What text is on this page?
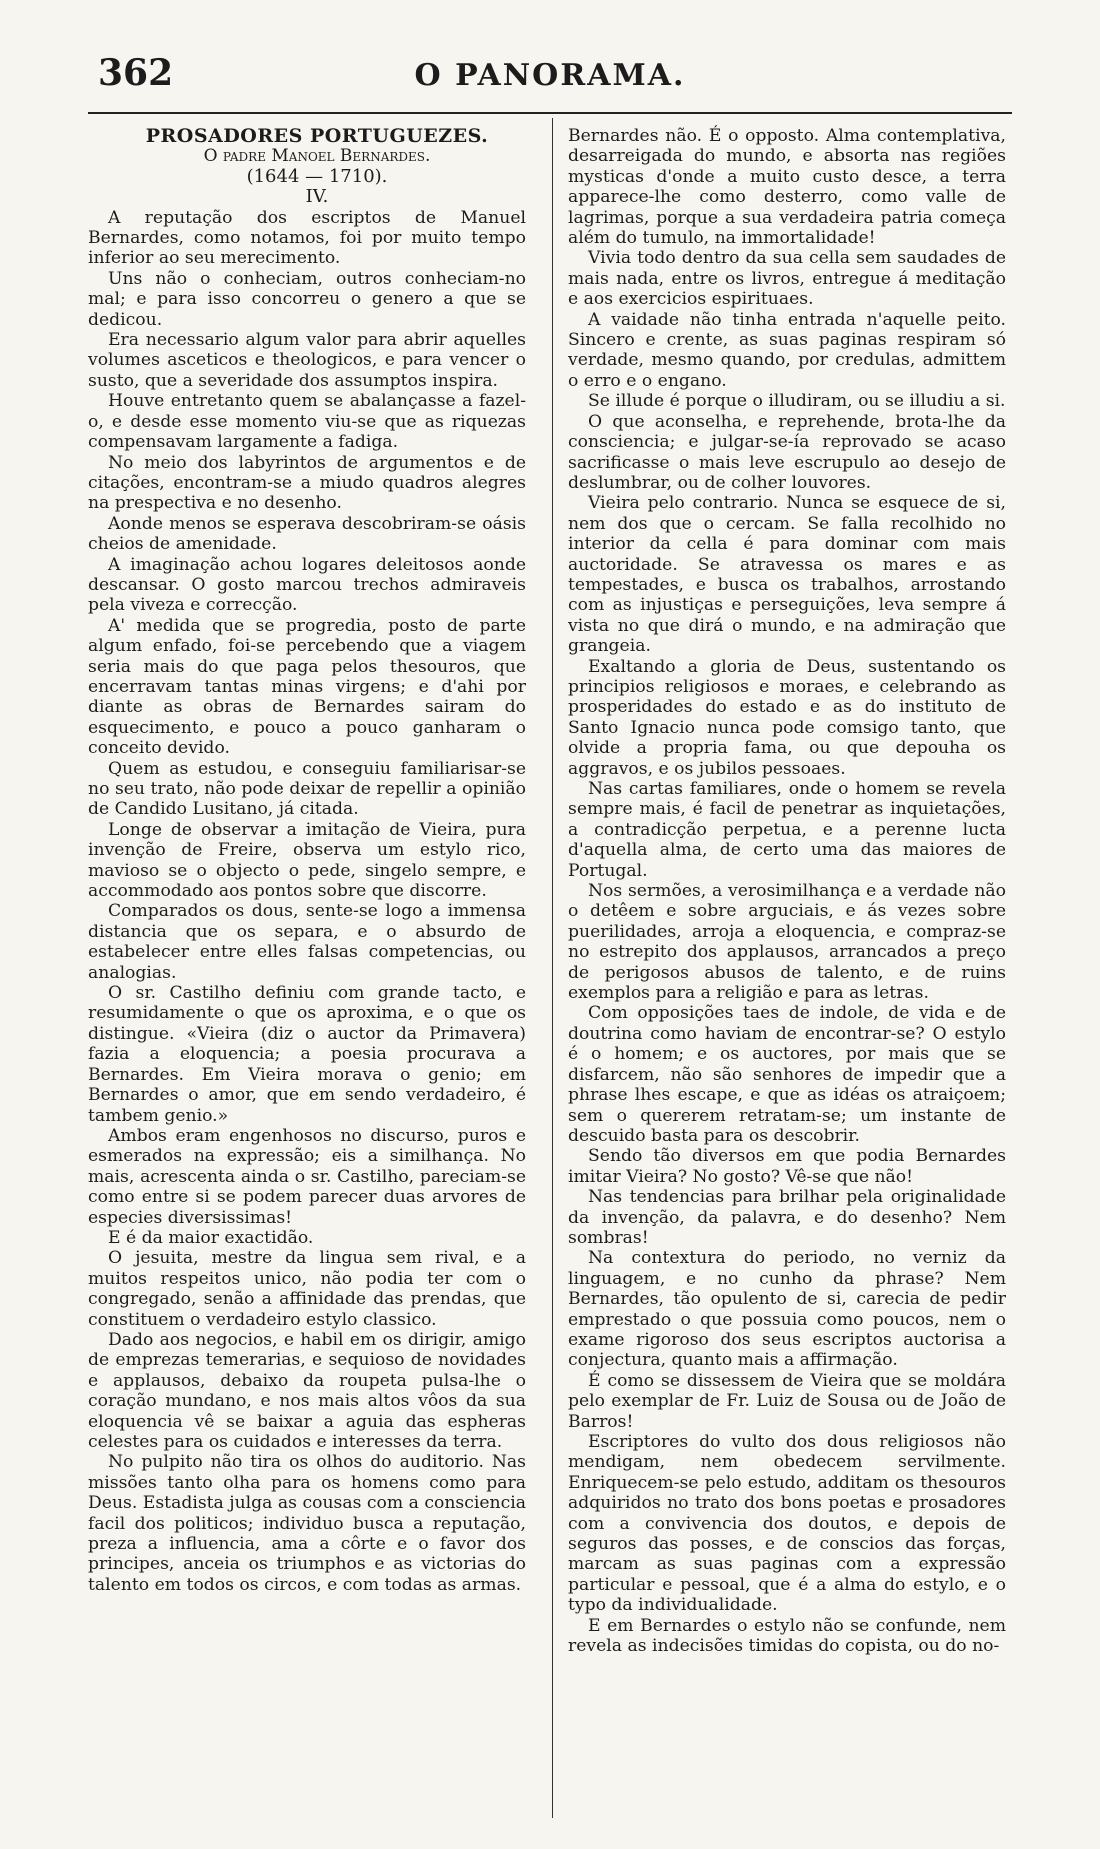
362	O PANORAMA.

PROSADORES PORTUGUEZES.

O padre Manoel Bernardes.

(1644 — 1710).

IV.

A reputação dos escriptos de Manuel Bernardes, como notamos, foi por muito tempo inferior ao seu merecimento.

Uns não o conheciam, outros conheciam-no mal; e para isso concorreu o genero a que se dedicou.

Era necessario algum valor para abrir aquelles volumes asceticos e theologicos, e para vencer o susto, que a severidade dos assumptos inspira.

Houve entretanto quem se abalançasse a fazel-o, e desde esse momento viu-se que as riquezas compensavam largamente a fadiga.

No meio dos labyrintos de argumentos e de citações, encontram-se a miudo quadros alegres na prespectiva e no desenho.

Aonde menos se esperava descobriram-se oásis cheios de amenidade.

A imaginação achou logares deleitosos aonde descansar. O gosto marcou trechos admiraveis pela viveza e correcção.

A' medida que se progredia, posto de parte algum enfado, foi-se percebendo que a viagem seria mais do que paga pelos thesouros, que encerravam tantas minas virgens; e d'ahi por diante as obras de Bernardes sairam do esquecimento, e pouco a pouco ganharam o conceito devido.

Quem as estudou, e conseguiu familiarisar-se no seu trato, não pode deixar de repellir a opinião de Candido Lusitano, já citada.

Longe de observar a imitação de Vieira, pura invenção de Freire, observa um estylo rico, mavioso se o objecto o pede, singelo sempre, e accommodado aos pontos sobre que discorre.

Comparados os dous, sente-se logo a immensa distancia que os separa, e o absurdo de estabelecer entre elles falsas competencias, ou analogias.

O sr. Castilho definiu com grande tacto, e resumidamente o que os aproxima, e o que os distingue. «Vieira (diz o auctor da Primavera) fazia a eloquencia; a poesia procurava a Bernardes. Em Vieira morava o genio; em Bernardes o amor, que em sendo verdadeiro, é tambem genio.»

Ambos eram engenhosos no discurso, puros e esmerados na expressão; eis a similhança. No mais, acrescenta ainda o sr. Castilho, pareciam-se como entre si se podem parecer duas arvores de especies diversissimas!

E é da maior exactidão.

O jesuita, mestre da lingua sem rival, e a muitos respeitos unico, não podia ter com o congregado, senão a affinidade das prendas, que constituem o verdadeiro estylo classico.

Dado aos negocios, e habil em os dirigir, amigo de emprezas temerarias, e sequioso de novidades e applausos, debaixo da roupeta pulsa-lhe o coração mundano, e nos mais altos vôos da sua eloquencia vê se baixar a aguia das espheras celestes para os cuidados e interesses da terra.

No pulpito não tira os olhos do auditorio. Nas missões tanto olha para os homens como para Deus. Estadista julga as cousas com a consciencia facil dos politicos; individuo busca a reputação, preza a influencia, ama a côrte e o favor dos principes, anceia os triumphos e as victorias do talento em todos os circos, e com todas as armas.

Bernardes não. É o opposto. Alma contemplativa, desarreigada do mundo, e absorta nas regiões mysticas d'onde a muito custo desce, a terra apparece-lhe como desterro, como valle de lagrimas, porque a sua verdadeira patria começa além do tumulo, na immortalidade!

Vivia todo dentro da sua cella sem saudades de mais nada, entre os livros, entregue á meditação e aos exercicios espirituaes.

A vaidade não tinha entrada n'aquelle peito. Sincero e crente, as suas paginas respiram só verdade, mesmo quando, por credulas, admittem o erro e o engano.

Se illude é porque o illudiram, ou se illudiu a si.

O que aconselha, e reprehende, brota-lhe da consciencia; e julgar-se-ía reprovado se acaso sacrificasse o mais leve escrupulo ao desejo de deslumbrar, ou de colher louvores.

Vieira pelo contrario. Nunca se esquece de si, nem dos que o cercam. Se falla recolhido no interior da cella é para dominar com mais auctoridade. Se atravessa os mares e as tempestades, e busca os trabalhos, arrostando com as injustiças e perseguições, leva sempre á vista no que dirá o mundo, e na admiração que grangeia.

Exaltando a gloria de Deus, sustentando os principios religiosos e moraes, e celebrando as prosperidades do estado e as do instituto de Santo Ignacio nunca pode comsigo tanto, que olvide a propria fama, ou que depouha os aggravos, e os jubilos pessoaes.

Nas cartas familiares, onde o homem se revela sempre mais, é facil de penetrar as inquietações, a contradicção perpetua, e a perenne lucta d'aquella alma, de certo uma das maiores de Portugal.

Nos sermões, a verosimilhança e a verdade não o detêem e sobre arguciais, e ás vezes sobre puerilidades, arroja a eloquencia, e compraz-se no estrepito dos applausos, arrancados a preço de perigosos abusos de talento, e de ruins exemplos para a religião e para as letras.

Com opposições taes de indole, de vida e de doutrina como haviam de encontrar-se? O estylo é o homem; e os auctores, por mais que se disfarcem, não são senhores de impedir que a phrase lhes escape, e que as idéas os atraiçoem; sem o quererem retratam-se; um instante de descuido basta para os descobrir.

Sendo tão diversos em que podia Bernardes imitar Vieira? No gosto? Vê-se que não!

Nas tendencias para brilhar pela originalidade da invenção, da palavra, e do desenho? Nem sombras!

Na contextura do periodo, no verniz da linguagem, e no cunho da phrase? Nem Bernardes, tão opulento de si, carecia de pedir emprestado o que possuia como poucos, nem o exame rigoroso dos seus escriptos auctorisa a conjectura, quanto mais a affirmação.

É como se dissessem de Vieira que se moldára pelo exemplar de Fr. Luiz de Sousa ou de João de Barros!

Escriptores do vulto dos dous religiosos não mendigam, nem obedecem servilmente. Enriquecem-se pelo estudo, additam os thesouros adquiridos no trato dos bons poetas e prosadores com a convivencia dos doutos, e depois de seguros das posses, e de conscios das forças, marcam as suas paginas com a expressão particular e pessoal, que é a alma do estylo, e o typo da individualidade.

E em Bernardes o estylo não se confunde, nem revela as indecisões timidas do copista, ou do no-
